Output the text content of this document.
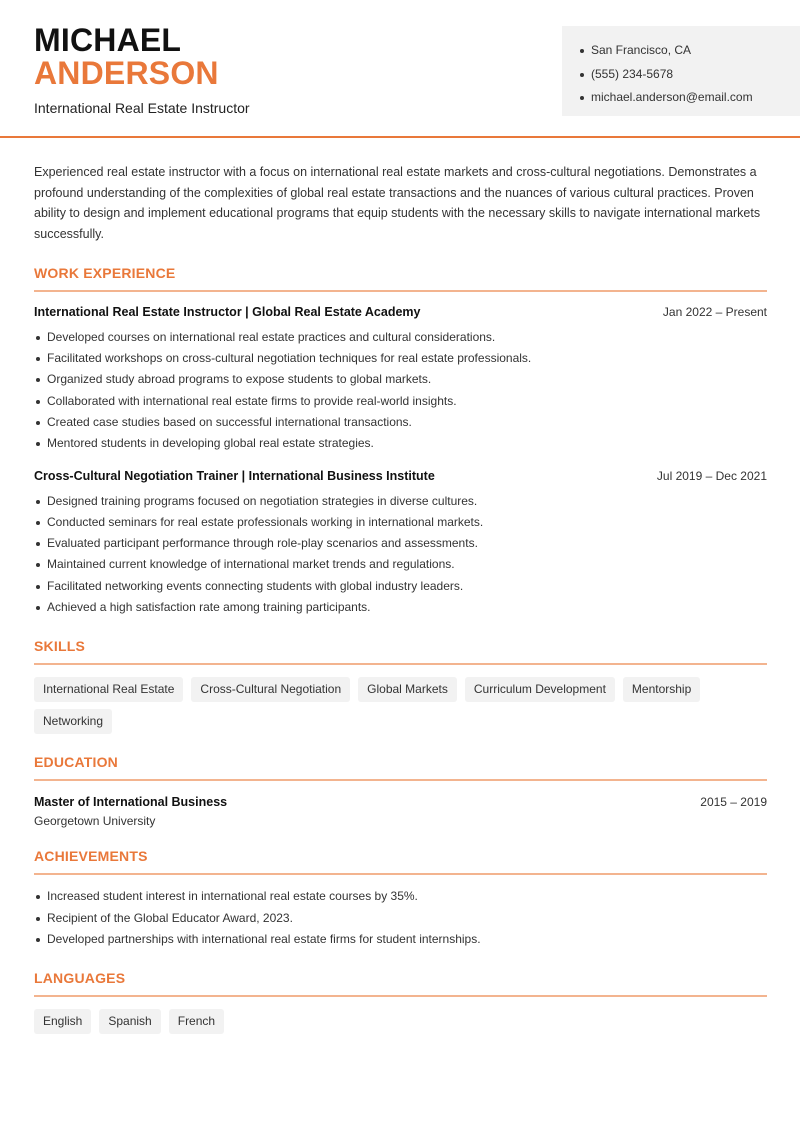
MICHAEL
ANDERSON
International Real Estate Instructor
San Francisco, CA
(555) 234-5678
michael.anderson@email.com

Experienced real estate instructor with a focus on international real estate markets and cross-cultural negotiations. Demonstrates a profound understanding of the complexities of global real estate transactions and the nuances of various cultural practices. Proven ability to design and implement educational programs that equip students with the necessary skills to navigate international markets successfully.

WORK EXPERIENCE
International Real Estate Instructor | Global Real Estate Academy	Jan 2022 – Present
Developed courses on international real estate practices and cultural considerations.
Facilitated workshops on cross-cultural negotiation techniques for real estate professionals.
Organized study abroad programs to expose students to global markets.
Collaborated with international real estate firms to provide real-world insights.
Created case studies based on successful international transactions.
Mentored students in developing global real estate strategies.
Cross-Cultural Negotiation Trainer | International Business Institute	Jul 2019 – Dec 2021
Designed training programs focused on negotiation strategies in diverse cultures.
Conducted seminars for real estate professionals working in international markets.
Evaluated participant performance through role-play scenarios and assessments.
Maintained current knowledge of international market trends and regulations.
Facilitated networking events connecting students with global industry leaders.
Achieved a high satisfaction rate among training participants.
SKILLS
International Real Estate	Cross-Cultural Negotiation	Global Markets	Curriculum Development	Mentorship
Networking
EDUCATION
Master of International Business	2015 – 2019
Georgetown University
ACHIEVEMENTS
Increased student interest in international real estate courses by 35%.
Recipient of the Global Educator Award, 2023.
Developed partnerships with international real estate firms for student internships.
LANGUAGES
English	Spanish	French
